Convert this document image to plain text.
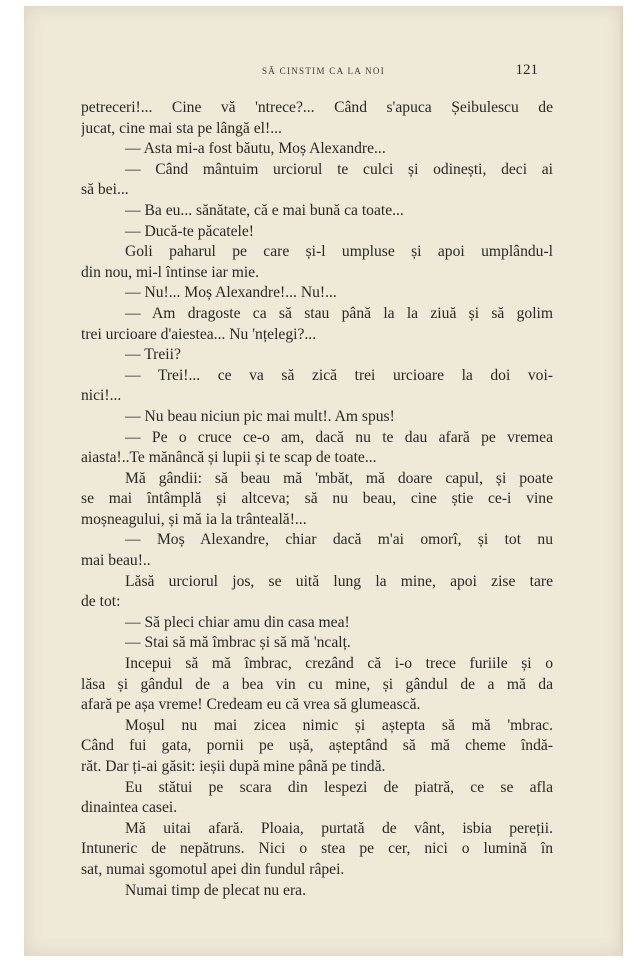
SĂ CINSTIM CA LA NOI	121
petreceri!... Cine vă 'ntrece?... Când s'apuca Șeibulescu de
jucat, cine mai sta pe lângă el!...
— Asta mi-a fost băutu, Moș Alexandre...
— Când mântuim urciorul te culci și odinești, deci ai
să bei...
— Ba eu... sănătate, că e mai bună ca toate...
— Ducă-te păcatele!
Goli paharul pe care și-l umpluse și apoi umplându-l
din nou, mi-l întinse iar mie.
— Nu!... Moș Alexandre!... Nu!...
— Am dragoste ca să stau până la la ziuă și să golim
trei urcioare d'aiestea... Nu 'nțelegi?...
— Treii?
— Trei!... ce va să zică trei urcioare la doi voi-
nici!...
— Nu beau niciun pic mai mult!. Am spus!
— Pe o cruce ce-o am, dacă nu te dau afară pe vremea
aiasta!..Te mănâncă și lupii și te scap de toate...
Mă gândii: să beau mă 'mbăt, mă doare capul, și poate
se mai întâmplă și altceva; să nu beau, cine știe ce-i vine
moșneagului, și mă ia la trânteală!...
— Moș Alexandre, chiar dacă m'ai omorî, și tot nu
mai beau!..
Lăsă urciorul jos, se uită lung la mine, apoi zise tare
de tot:
— Să pleci chiar amu din casa mea!
— Stai să mă îmbrac și să mă 'ncalț.
Incepui să mă îmbrac, crezând că i-o trece furiile și o
lăsa și gândul de a bea vin cu mine, și gândul de a mă da
afară pe așa vreme! Credeam eu că vrea să glumească.
Moșul nu mai zicea nimic și aștepta să mă 'mbrac.
Când fui gata, pornii pe ușă, așteptând să mă cheme îndă-
răt. Dar ți-ai găsit: ieșii după mine până pe tindă.
Eu stătui pe scara din lespezi de piatră, ce se afla
dinaintea casei.
Mă uitai afară. Ploaia, purtată de vânt, isbia pereții.
Intuneric de nepătruns. Nici o stea pe cer, nici o lumină în
sat, numai sgomotul apei din fundul râpei.
Numai timp de plecat nu era.
